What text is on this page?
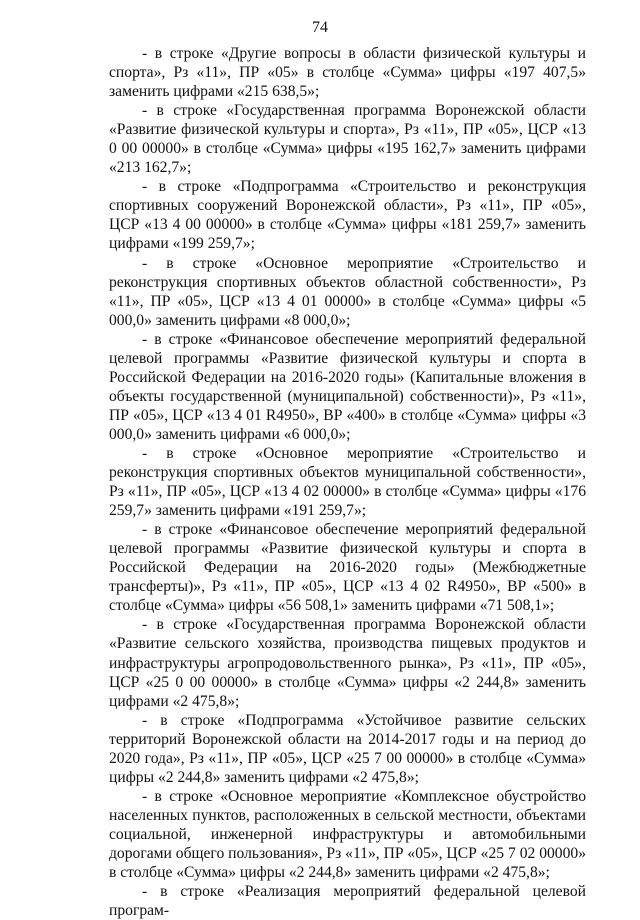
74

- в строке «Другие вопросы в области физической культуры и спорта», Рз «11», ПР «05» в столбце «Сумма» цифры «197 407,5» заменить цифрами «215 638,5»;

- в строке «Государственная программа Воронежской области «Развитие физической культуры и спорта», Рз «11», ПР «05», ЦСР «13 0 00 00000» в столбце «Сумма» цифры «195 162,7» заменить цифрами «213 162,7»;

- в строке «Подпрограмма «Строительство и реконструкция спортивных сооружений Воронежской области», Рз «11», ПР «05», ЦСР «13 4 00 00000» в столбце «Сумма» цифры «181 259,7» заменить цифрами «199 259,7»;

- в строке «Основное мероприятие «Строительство и реконструкция спортивных объектов областной собственности», Рз «11», ПР «05», ЦСР «13 4 01 00000» в столбце «Сумма» цифры «5 000,0» заменить цифрами «8 000,0»;

- в строке «Финансовое обеспечение мероприятий федеральной целевой программы «Развитие физической культуры и спорта в Российской Федерации на 2016-2020 годы» (Капитальные вложения в объекты государственной (муниципальной) собственности)», Рз «11», ПР «05», ЦСР «13 4 01 R4950», ВР «400» в столбце «Сумма» цифры «3 000,0» заменить цифрами «6 000,0»;

- в строке «Основное мероприятие «Строительство и реконструкция спортивных объектов муниципальной собственности», Рз «11», ПР «05», ЦСР «13 4 02 00000» в столбце «Сумма» цифры «176 259,7» заменить цифрами «191 259,7»;

- в строке «Финансовое обеспечение мероприятий федеральной целевой программы «Развитие физической культуры и спорта в Российской Федерации на 2016-2020 годы» (Межбюджетные трансферты)», Рз «11», ПР «05», ЦСР «13 4 02 R4950», ВР «500» в столбце «Сумма» цифры «56 508,1» заменить цифрами «71 508,1»;

- в строке «Государственная программа Воронежской области «Развитие сельского хозяйства, производства пищевых продуктов и инфраструктуры агропродовольственного рынка», Рз «11», ПР «05», ЦСР «25 0 00 00000» в столбце «Сумма» цифры «2 244,8» заменить цифрами «2 475,8»;

- в строке «Подпрограмма «Устойчивое развитие сельских территорий Воронежской области на 2014-2017 годы и на период до 2020 года», Рз «11», ПР «05», ЦСР «25 7 00 00000» в столбце «Сумма» цифры «2 244,8» заменить цифрами «2 475,8»;

- в строке «Основное мероприятие «Комплексное обустройство населенных пунктов, расположенных в сельской местности, объектами социальной, инженерной инфраструктуры и автомобильными дорогами общего пользования», Рз «11», ПР «05», ЦСР «25 7 02 00000» в столбце «Сумма» цифры «2 244,8» заменить цифрами «2 475,8»;

- в строке «Реализация мероприятий федеральной целевой програм-
